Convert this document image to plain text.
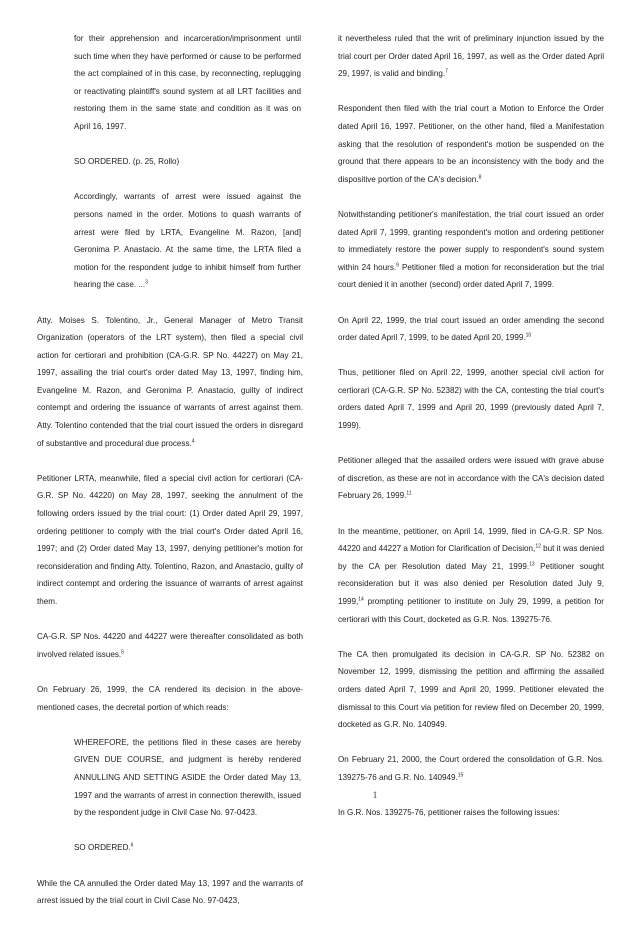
for their apprehension and incarceration/imprisonment until such time when they have performed or cause to be performed the act complained of in this case, by reconnecting, replugging or reactivating plaintiff's sound system at all LRT facilities and restoring them in the same state and condition as it was on April 16, 1997.

SO ORDERED. (p. 25, Rollo)

Accordingly, warrants of arrest were issued against the persons named in the order. Motions to quash warrants of arrest were filed by LRTA, Evangeline M. Razon, [and] Geronima P. Anastacio. At the same time, the LRTA filed a motion for the respondent judge to inhibit himself from further hearing the case. ...$^3$

Atty. Moises S. Tolentino, Jr., General Manager of Metro Transit Organization (operators of the LRT system), then filed a special civil action for certiorari and prohibition (CA-G.R. SP No. 44227) on May 21, 1997, assailing the trial court's order dated May 13, 1997, finding him, Evangeline M. Razon, and Geronima P. Anastacio, guilty of indirect contempt and ordering the issuance of warrants of arrest against them. Atty. Tolentino contended that the trial court issued the orders in disregard of substantive and procedural due process.$^4$

Petitioner LRTA, meanwhile, filed a special civil action for certiorari (CA-G.R. SP No. 44220) on May 28, 1997, seeking the annulment of the following orders issued by the trial court: (1) Order dated April 29, 1997, ordering petitioner to comply with the trial court's Order dated April 16, 1997; and (2) Order dated May 13, 1997, denying petitioner's motion for reconsideration and finding Atty. Tolentino, Razon, and Anastacio, guilty of indirect contempt and ordering the issuance of warrants of arrest against them.

CA-G.R. SP Nos. 44220 and 44227 were thereafter consolidated as both involved related issues.$^5$

On February 26, 1999, the CA rendered its decision in the above-mentioned cases, the decretal portion of which reads:

WHEREFORE, the petitions filed in these cases are hereby GIVEN DUE COURSE, and judgment is hereby rendered ANNULLING AND SETTING ASIDE the Order dated May 13, 1997 and the warrants of arrest in connection therewith, issued by the respondent judge in Civil Case No. 97-0423.

SO ORDERED.$^6$

While the CA annulled the Order dated May 13, 1997 and the warrants of arrest issued by the trial court in Civil Case No. 97-0423,

it nevertheless ruled that the writ of preliminary injunction issued by the trial court per Order dated April 16, 1997, as well as the Order dated April 29, 1997, is valid and binding.$^7$

Respondent then filed with the trial court a Motion to Enforce the Order dated April 16, 1997. Petitioner, on the other hand, filed a Manifestation asking that the resolution of respondent's motion be suspended on the ground that there appears to be an inconsistency with the body and the dispositive portion of the CA's decision.$^8$

Notwithstanding petitioner's manifestation, the trial court issued an order dated April 7, 1999, granting respondent's motion and ordering petitioner to immediately restore the power supply to respondent's sound system within 24 hours.$^9$ Petitioner filed a motion for reconsideration but the trial court denied it in another (second) order dated April 7, 1999.

On April 22, 1999, the trial court issued an order amending the second order dated April 7, 1999, to be dated April 20, 1999.10

Thus, petitioner filed on April 22, 1999, another special civil action for certiorari (CA-G.R. SP No. 52382) with the CA, contesting the trial court's orders dated April 7, 1999 and April 20, 1999 (previously dated April 7, 1999).

Petitioner alleged that the assailed orders were issued with grave abuse of discretion, as these are not in accordance with the CA's decision dated February 26, 1999.11

In the meantime, petitioner, on April 14, 1999, filed in CA-G.R. SP Nos. 44220 and 44227 a Motion for Clarification of Decision,$^{12}$ but it was denied by the CA per Resolution dated May 21, 1999.13 Petitioner sought reconsideration but it was also denied per Resolution dated July 9, 1999,14 prompting petitioner to institute on July 29, 1999, a petition for certiorari with this Court, docketed as G.R. Nos. 139275-76.

The CA then promulgated its decision in CA-G.R. SP No. 52382 on November 12, 1999, dismissing the petition and affirming the assailed orders dated April 7, 1999 and April 20, 1999. Petitioner elevated the dismissal to this Court via petition for review filed on December 20, 1999, docketed as G.R. No. 140949.

On February 21, 2000, the Court ordered the consolidation of G.R. Nos. 139275-76 and G.R. No. 140949.15

In G.R. Nos. 139275-76, petitioner raises the following issues:

1
